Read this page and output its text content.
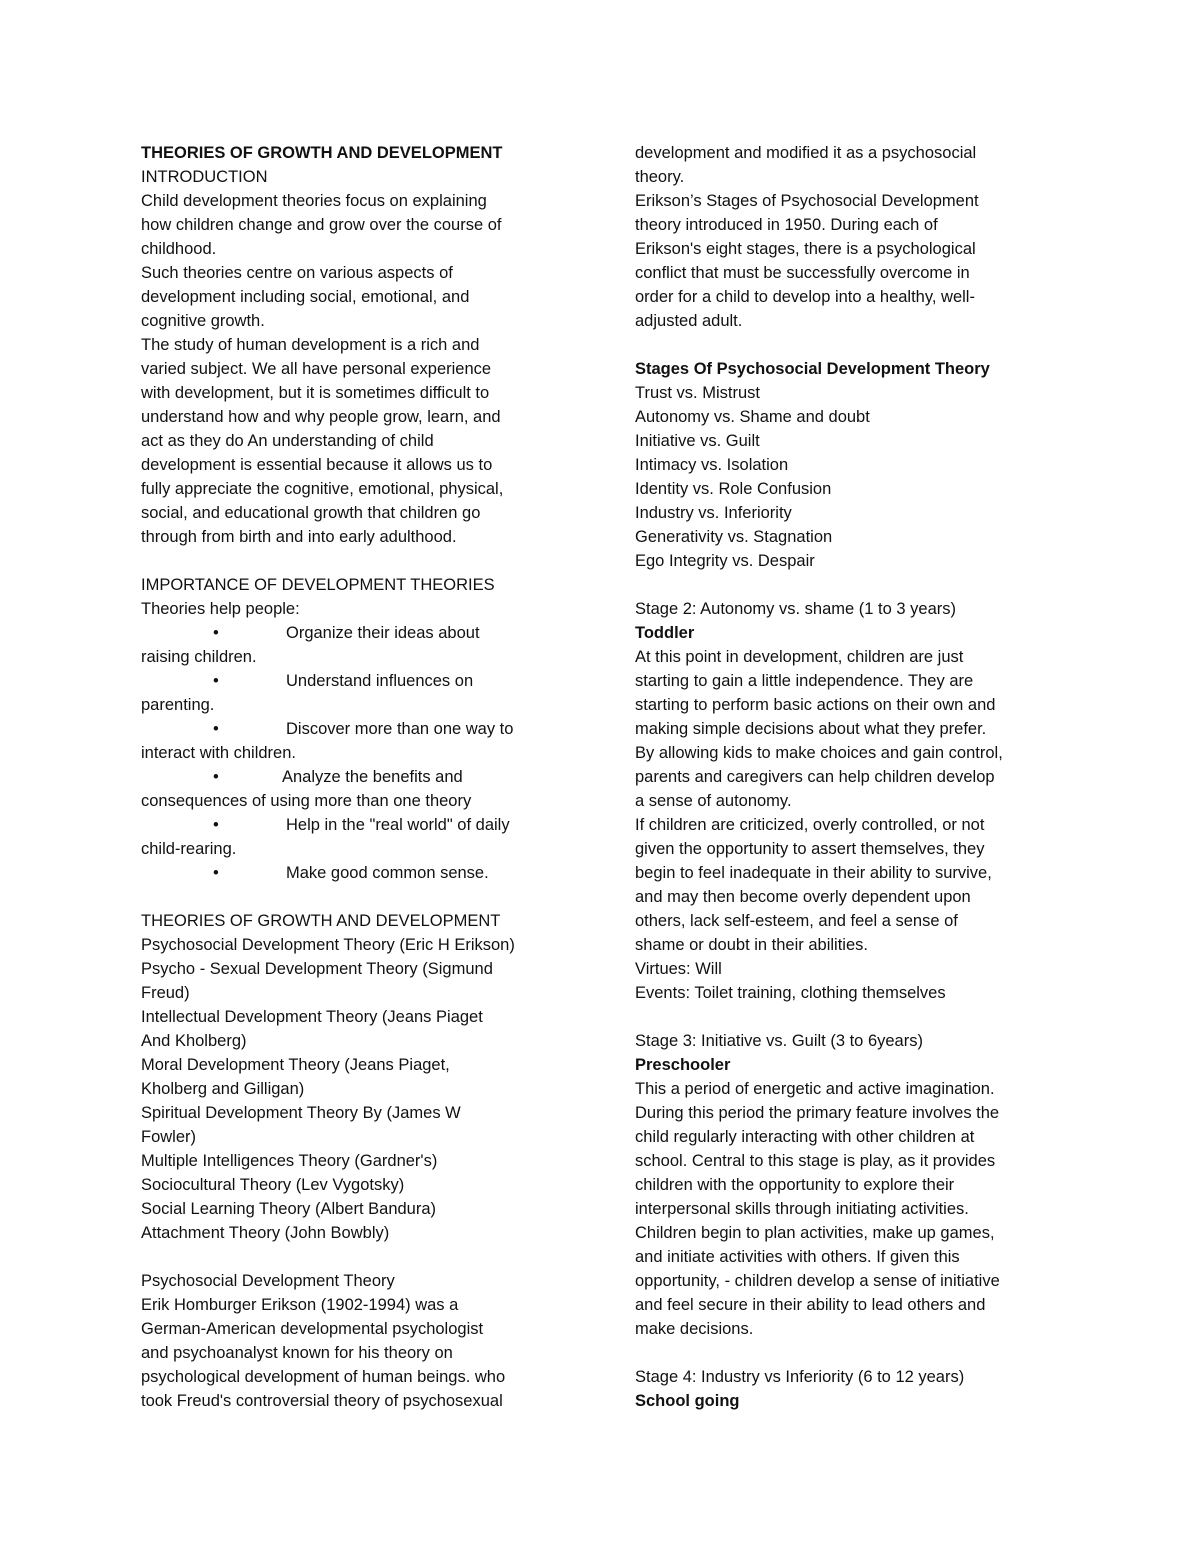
THEORIES OF GROWTH AND DEVELOPMENT
INTRODUCTION
Child development theories focus on explaining
how children change and grow over the course of
childhood.
Such theories centre on various aspects of
development including social, emotional, and
cognitive growth.
The study of human development is a rich and
varied subject. We all have personal experience
with development, but it is sometimes difficult to
understand how and why people grow, learn, and
act as they do An understanding of child
development is essential because it allows us to
fully appreciate the cognitive, emotional, physical,
social, and educational growth that children go
through from birth and into early adulthood.
IMPORTANCE OF DEVELOPMENT THEORIES
Theories help people:
•	Organize their ideas about
raising children.
•	Understand influences on
parenting.
•	Discover more than one way to
interact with children.
•	Analyze the benefits and
consequences of using more than one theory
•	Help in the "real world" of daily
child-rearing.
•	Make good common sense.
THEORIES OF GROWTH AND DEVELOPMENT
Psychosocial Development Theory (Eric H Erikson)
Psycho - Sexual Development Theory (Sigmund
Freud)
Intellectual Development Theory (Jeans Piaget
And Kholberg)
Moral Development Theory (Jeans Piaget,
Kholberg and Gilligan)
Spiritual Development Theory By (James W
Fowler)
Multiple Intelligences Theory (Gardner's)
Sociocultural Theory (Lev Vygotsky)
Social Learning Theory (Albert Bandura)
Attachment Theory (John Bowbly)
Psychosocial Development Theory
Erik Homburger Erikson (1902-1994) was a
German-American developmental psychologist
and psychoanalyst known for his theory on
psychological development of human beings. who
took Freud's controversial theory of psychosexual
development and modified it as a psychosocial
theory.
Erikson’s Stages of Psychosocial Development
theory introduced in 1950. During each of
Erikson's eight stages, there is a psychological
conflict that must be successfully overcome in
order for a child to develop into a healthy, well-
adjusted adult.
Stages Of Psychosocial Development Theory
Trust vs. Mistrust
Autonomy vs. Shame and doubt
Initiative vs. Guilt
Intimacy vs. Isolation
Identity vs. Role Confusion
Industry vs. Inferiority
Generativity vs. Stagnation
Ego Integrity vs. Despair
Stage 2: Autonomy vs. shame (1 to 3 years)
Toddler
At this point in development, children are just
starting to gain a little independence. They are
starting to perform basic actions on their own and
making simple decisions about what they prefer.
By allowing kids to make choices and gain control,
parents and caregivers can help children develop
a sense of autonomy.
If children are criticized, overly controlled, or not
given the opportunity to assert themselves, they
begin to feel inadequate in their ability to survive,
and may then become overly dependent upon
others, lack self-esteem, and feel a sense of
shame or doubt in their abilities.
Virtues: Will
Events: Toilet training, clothing themselves
Stage 3: Initiative vs. Guilt (3 to 6years)
Preschooler
This a period of energetic and active imagination.
During this period the primary feature involves the
child regularly interacting with other children at
school. Central to this stage is play, as it provides
children with the opportunity to explore their
interpersonal skills through initiating activities.
Children begin to plan activities, make up games,
and initiate activities with others. If given this
opportunity, - children develop a sense of initiative
and feel secure in their ability to lead others and
make decisions.
Stage 4: Industry vs Inferiority (6 to 12 years)
School going
